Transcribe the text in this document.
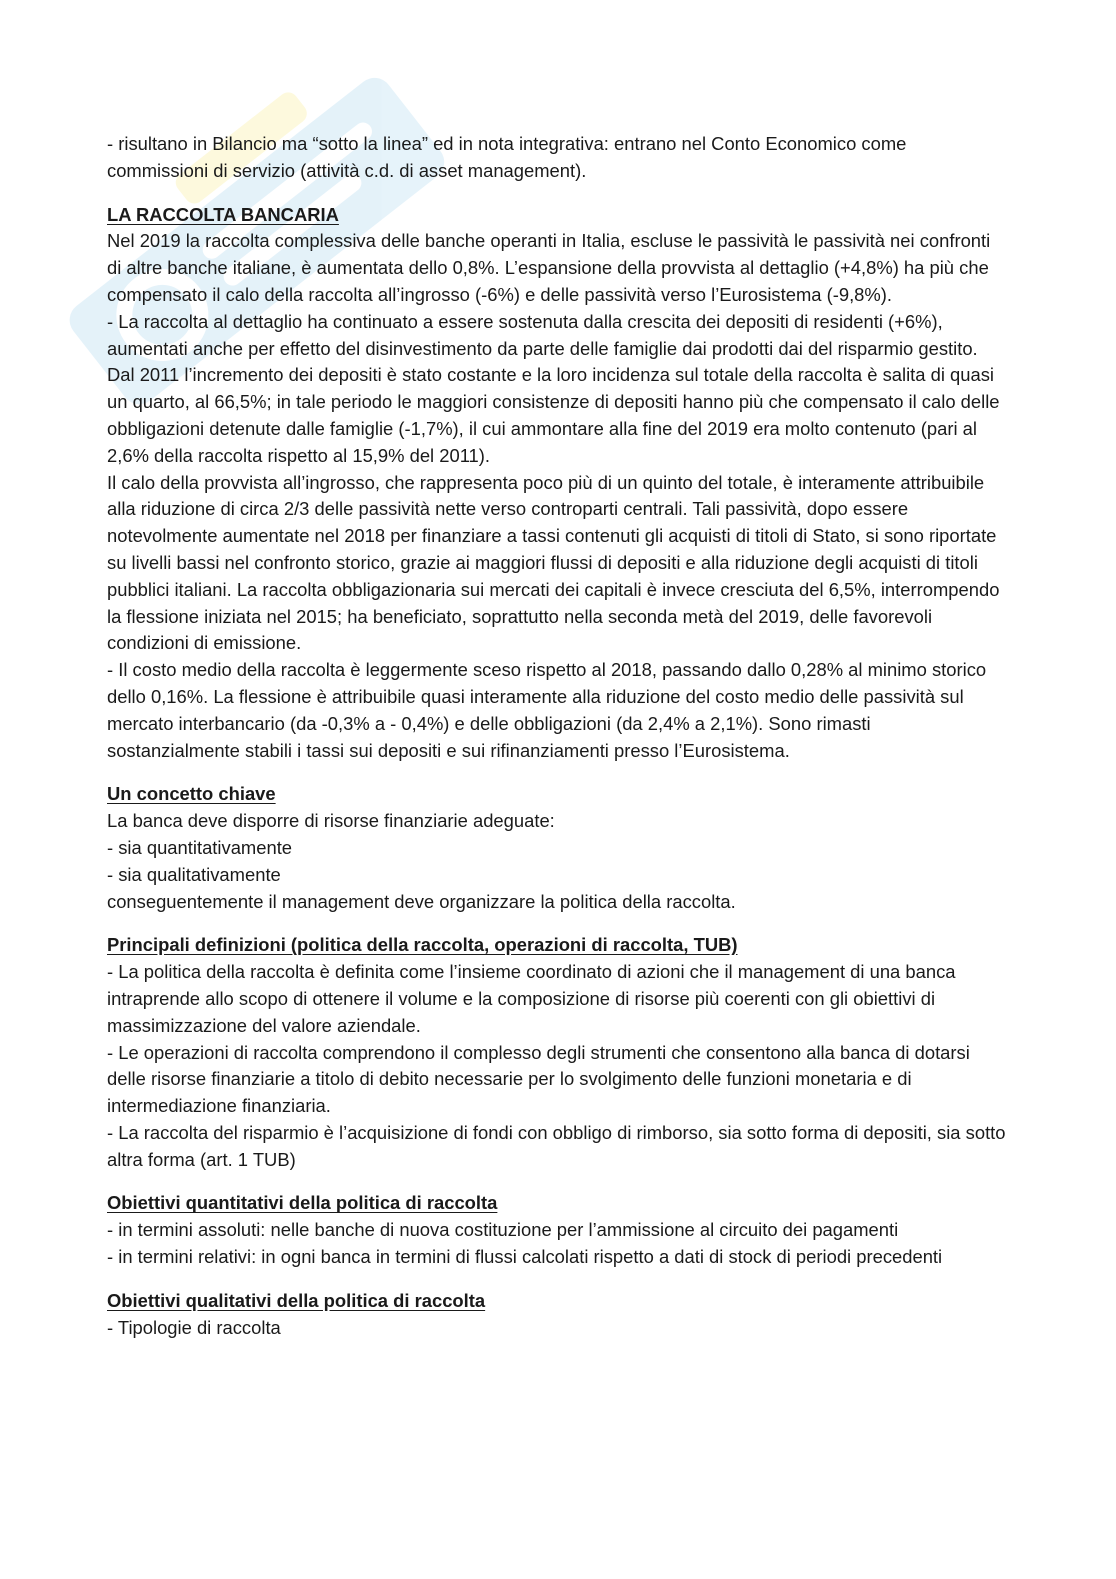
- risultano in Bilancio ma “sotto la linea” ed in nota integrativa: entrano nel Conto Economico come commissioni di servizio (attività c.d. di asset management).

LA RACCOLTA BANCARIA

Nel 2019 la raccolta complessiva delle banche operanti in Italia, escluse le passività le passività nei confronti di altre banche italiane, è aumentata dello 0,8%. L’espansione della provvista al dettaglio (+4,8%) ha più che compensato il calo della raccolta all’ingrosso (-6%) e delle passività verso l’Eurosistema (-9,8%).

- La raccolta al dettaglio ha continuato a essere sostenuta dalla crescita dei depositi di residenti (+6%), aumentati anche per effetto del disinvestimento da parte delle famiglie dai prodotti dai del risparmio gestito. Dal 2011 l’incremento dei depositi è stato costante e la loro incidenza sul totale della raccolta è salita di quasi un quarto, al 66,5%; in tale periodo le maggiori consistenze di depositi hanno più che compensato il calo delle obbligazioni detenute dalle famiglie (-1,7%), il cui ammontare alla fine del 2019 era molto contenuto (pari al 2,6% della raccolta rispetto al 15,9% del 2011).

Il calo della provvista all’ingrosso, che rappresenta poco più di un quinto del totale, è interamente attribuibile alla riduzione di circa 2/3 delle passività nette verso controparti centrali. Tali passività, dopo essere notevolmente aumentate nel 2018 per finanziare a tassi contenuti gli acquisti di titoli di Stato, si sono riportate su livelli bassi nel confronto storico, grazie ai maggiori flussi di depositi e alla riduzione degli acquisti di titoli pubblici italiani. La raccolta obbligazionaria sui mercati dei capitali è invece cresciuta del 6,5%, interrompendo la flessione iniziata nel 2015; ha beneficiato, soprattutto nella seconda metà del 2019, delle favorevoli condizioni di emissione.

- Il costo medio della raccolta è leggermente sceso rispetto al 2018, passando dallo 0,28% al minimo storico dello 0,16%. La flessione è attribuibile quasi interamente alla riduzione del costo medio delle passività sul mercato interbancario (da -0,3% a - 0,4%) e delle obbligazioni (da 2,4% a 2,1%). Sono rimasti sostanzialmente stabili i tassi sui depositi e sui rifinanziamenti presso l’Eurosistema.

Un concetto chiave

La banca deve disporre di risorse finanziarie adeguate:

- sia quantitativamente

- sia qualitativamente

conseguentemente il management deve organizzare la politica della raccolta.

Principali definizioni (politica della raccolta, operazioni di raccolta, TUB)

- La politica della raccolta è definita come l’insieme coordinato di azioni che il management di una banca intraprende allo scopo di ottenere il volume e la composizione di risorse più coerenti con gli obiettivi di massimizzazione del valore aziendale.

- Le operazioni di raccolta comprendono il complesso degli strumenti che consentono alla banca di dotarsi delle risorse finanziarie a titolo di debito necessarie per lo svolgimento delle funzioni monetaria e di intermediazione finanziaria.

- La raccolta del risparmio è l’acquisizione di fondi con obbligo di rimborso, sia sotto forma di depositi, sia sotto altra forma (art. 1 TUB)

Obiettivi quantitativi della politica di raccolta

- in termini assoluti: nelle banche di nuova costituzione per l’ammissione al circuito dei pagamenti

- in termini relativi: in ogni banca in termini di flussi calcolati rispetto a dati di stock di periodi precedenti

Obiettivi qualitativi della politica di raccolta

- Tipologie di raccolta
